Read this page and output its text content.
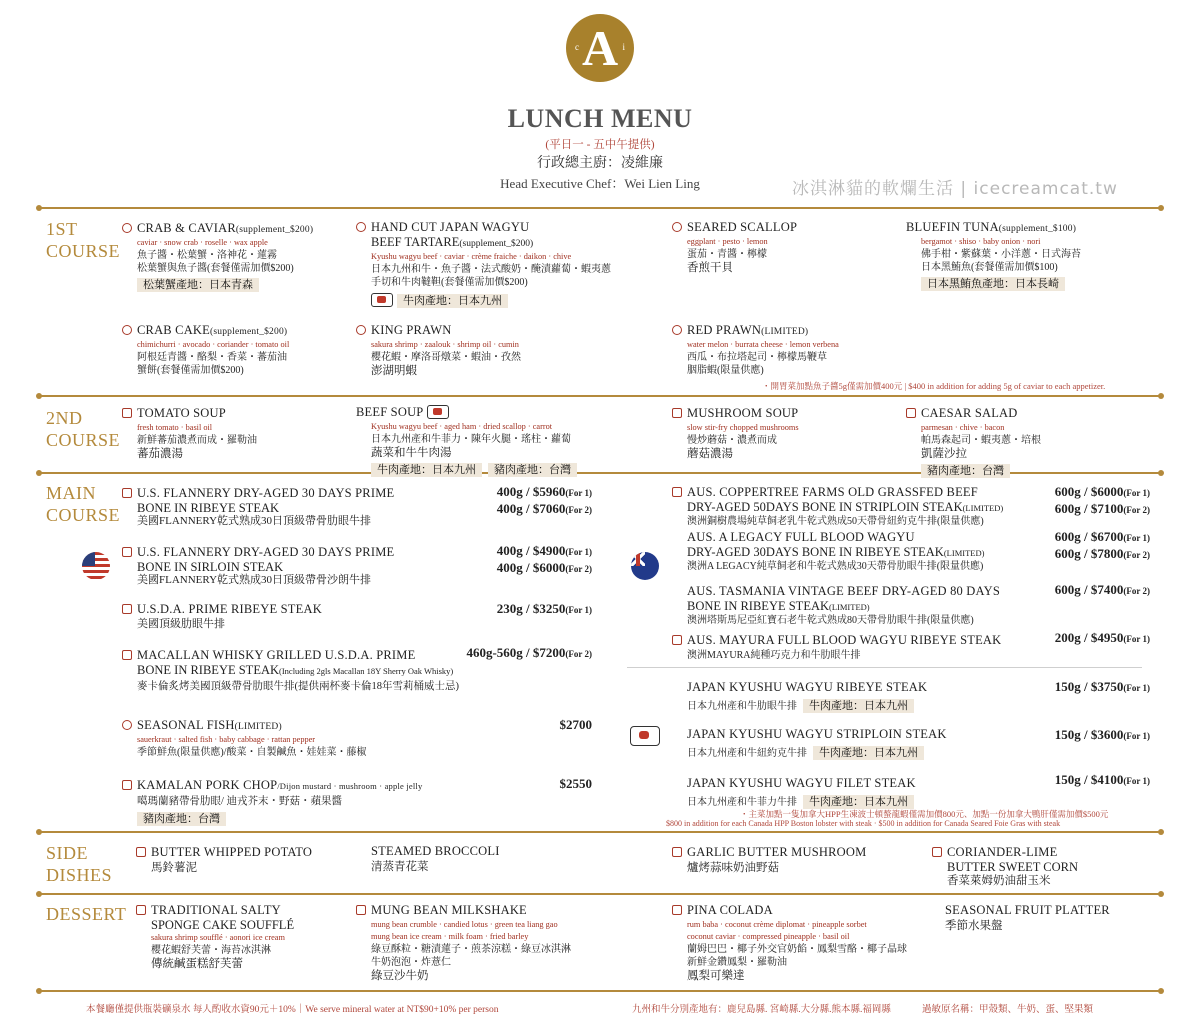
A
c	i
LUNCH MENU
(平日一 - 五中午提供)
行政總主廚：凌維廉
Head Executive Chef：Wei Lien Ling	冰淇淋貓的軟爛生活 | icecreamcat.tw
1ST
COURSE
2ND
COURSE
MAIN
COURSE
SIDE
DISHES
DESSERT
CRAB & CAVIAR(supplement_$200)
caviar · snow crab · roselle · wax apple
魚子醬・松葉蟹・洛神花・蓮霧
松葉蟹與魚子醬(套餐僅需加價$200)
松葉蟹產地：日本青森
HAND CUT JAPAN WAGYU
BEEF TARTARE(supplement_$200)
Kyushu wagyu beef · caviar · crème fraiche · daikon · chive
日本九州和牛・魚子醬・法式酸奶・醃漬蘿蔔・蝦夷蔥
手切和牛肉韃靼(套餐僅需加價$200)
牛肉產地：日本九州
SEARED SCALLOP
eggplant · pesto · lemon
蛋茄・青醬・檸檬
香煎干貝
BLUEFIN TUNA(supplement_$100)
bergamot · shiso · baby onion · nori
佛手柑・紫蘇葉・小洋蔥・日式海苔
日本黑鮪魚(套餐僅需加價$100)
日本黑鮪魚產地：日本長崎
CRAB CAKE(supplement_$200)
chimichurri · avocado · coriander · tomato oil
阿根廷青醬・酪梨・香菜・蕃茄油
蟹餅(套餐僅需加價$200)
KING PRAWN
sakura shrimp · zaalouk · shrimp oil · cumin
櫻花蝦・摩洛哥燉菜・蝦油・孜然
澎湖明蝦
RED PRAWN(LIMITED)
water melon · burrata cheese · lemon verbena
西瓜・布拉塔起司・檸檬馬鞭草
胭脂蝦(限量供應)
・開胃菜加點魚子醬5g僅需加價400元 | $400 in addition for adding 5g of caviar to each appetizer.
TOMATO SOUP
fresh tomato · basil oil
新鮮蕃茄濃煮而成・羅勒油
蕃茄濃湯
BEEF SOUP
Kyushu wagyu beef · aged ham · dried scallop · carrot
日本九州產和牛菲力・陳年火腿・瑤柱・蘿蔔
蔬菜和牛牛肉湯
牛肉產地：日本九州 豬肉產地：台灣
MUSHROOM SOUP
slow stir-fry chopped mushrooms
慢炒蘑菇・濃煮而成
蘑菇濃湯
CAESAR SALAD
parmesan · chive · bacon
帕馬森起司・蝦夷蔥・培根
凱薩沙拉
豬肉產地：台灣
U.S. FLANNERY DRY-AGED 30 DAYS PRIME
BONE IN RIBEYE STEAK
美國FLANNERY乾式熟成30日頂級帶骨肋眼牛排
400g / $5960(For 1)
400g / $7060(For 2)
U.S. FLANNERY DRY-AGED 30 DAYS PRIME
BONE IN SIRLOIN STEAK
美國FLANNERY乾式熟成30日頂級帶骨沙朗牛排
400g / $4900(For 1)
400g / $6000(For 2)
U.S.D.A. PRIME RIBEYE STEAK
美國頂級肋眼牛排
230g / $3250(For 1)
MACALLAN WHISKY GRILLED U.S.D.A. PRIME
BONE IN RIBEYE STEAK(Including 2gls Macallan 18Y Sherry Oak Whisky)
麥卡倫炙烤美國頂級帶骨肋眼牛排(提供兩杯麥卡倫18年雪莉桶威士忌)
460g-560g / $7200(For 2)
SEASONAL FISH(LIMITED)
sauerkraut · salted fish · baby cabbage · rattan pepper
季節鮮魚(限量供應)/酸菜・自製鹹魚・娃娃菜・藤椒
$2700
KAMALAN PORK CHOP/Dijon mustard · mushroom · apple jelly
噶瑪蘭豬帶骨肋眼/ 迪戎芥末・野菇・蘋果醬
豬肉產地：台灣
$2550
AUS. COPPERTREE FARMS OLD GRASSFED BEEF
DRY-AGED 50DAYS BONE IN STRIPLOIN STEAK(LIMITED)
澳洲銅樹農場純草飼老乳牛乾式熟成50天帶骨紐約克牛排(限量供應)
600g / $6000(For 1)
600g / $7100(For 2)
AUS. A LEGACY FULL BLOOD WAGYU
DRY-AGED 30DAYS BONE IN RIBEYE STEAK(LIMITED)
澳洲A LEGACY純草飼老和牛乾式熟成30天帶骨肋眼牛排(限量供應)
600g / $6700(For 1)
600g / $7800(For 2)
AUS. TASMANIA VINTAGE BEEF DRY-AGED 80 DAYS
BONE IN RIBEYE STEAK(LIMITED)
澳洲塔斯馬尼亞紅寶石老牛乾式熟成80天帶骨肋眼牛排(限量供應)
600g / $7400(For 2)
AUS. MAYURA FULL BLOOD WAGYU RIBEYE STEAK
澳洲MAYURA純種巧克力和牛肋眼牛排
200g / $4950(For 1)
JAPAN KYUSHU WAGYU RIBEYE STEAK
日本九州產和牛肋眼牛排 牛肉產地：日本九州
150g / $3750(For 1)
JAPAN KYUSHU WAGYU STRIPLOIN STEAK
日本九州產和牛紐約克牛排 牛肉產地：日本九州
150g / $3600(For 1)
JAPAN KYUSHU WAGYU FILET STEAK
日本九州產和牛菲力牛排 牛肉產地：日本九州
150g / $4100(For 1)
・主菜加點一隻加拿大HPP生凍波士頓螯龍蝦僅需加價800元、加點一份加拿大鴨肝僅需加價$500元
$800 in addition for each Canada HPP Boston lobster with steak · $500 in addition for Canada Seared Foie Gras with steak
BUTTER WHIPPED POTATO
馬鈴薯泥
STEAMED BROCCOLI
清蒸青花菜
GARLIC BUTTER MUSHROOM
爐烤蒜味奶油野菇
CORIANDER-LIME
BUTTER SWEET CORN
香菜萊姆奶油甜玉米
TRADITIONAL SALTY
SPONGE CAKE SOUFFLÉ
sakura shrimp soufflé · aonori ice cream
櫻花蝦舒芙蕾・海苔冰淇淋
傳統鹹蛋糕舒芙蕾
MUNG BEAN MILKSHAKE
mung bean crumble · candied lotus · green tea liang gao
mung bean ice cream · milk foam · fried barley
綠豆酥粒・糖漬蓮子・煎茶涼糕・綠豆冰淇淋
牛奶泡泡・炸薏仁
綠豆沙牛奶
PINA COLADA
rum baba · coconut crème diplomat · pineapple sorbet
coconut caviar · compressed pineapple · basil oil
蘭姆巴巴・椰子外交官奶餡・鳳梨雪酪・椰子晶球
新鮮金鑽鳳梨・羅勒油
鳳梨可樂達
SEASONAL FRUIT PLATTER
季節水果盤
本餐廳僅提供瓶裝礦泉水 每人酌收水資90元＋10%｜We serve mineral water at NT$90+10% per person	九州和牛分別產地有：鹿兒島縣. 宮崎縣.大分縣.熊本縣.福岡縣	過敏原名稱：甲殼類、牛奶、蛋、堅果類
